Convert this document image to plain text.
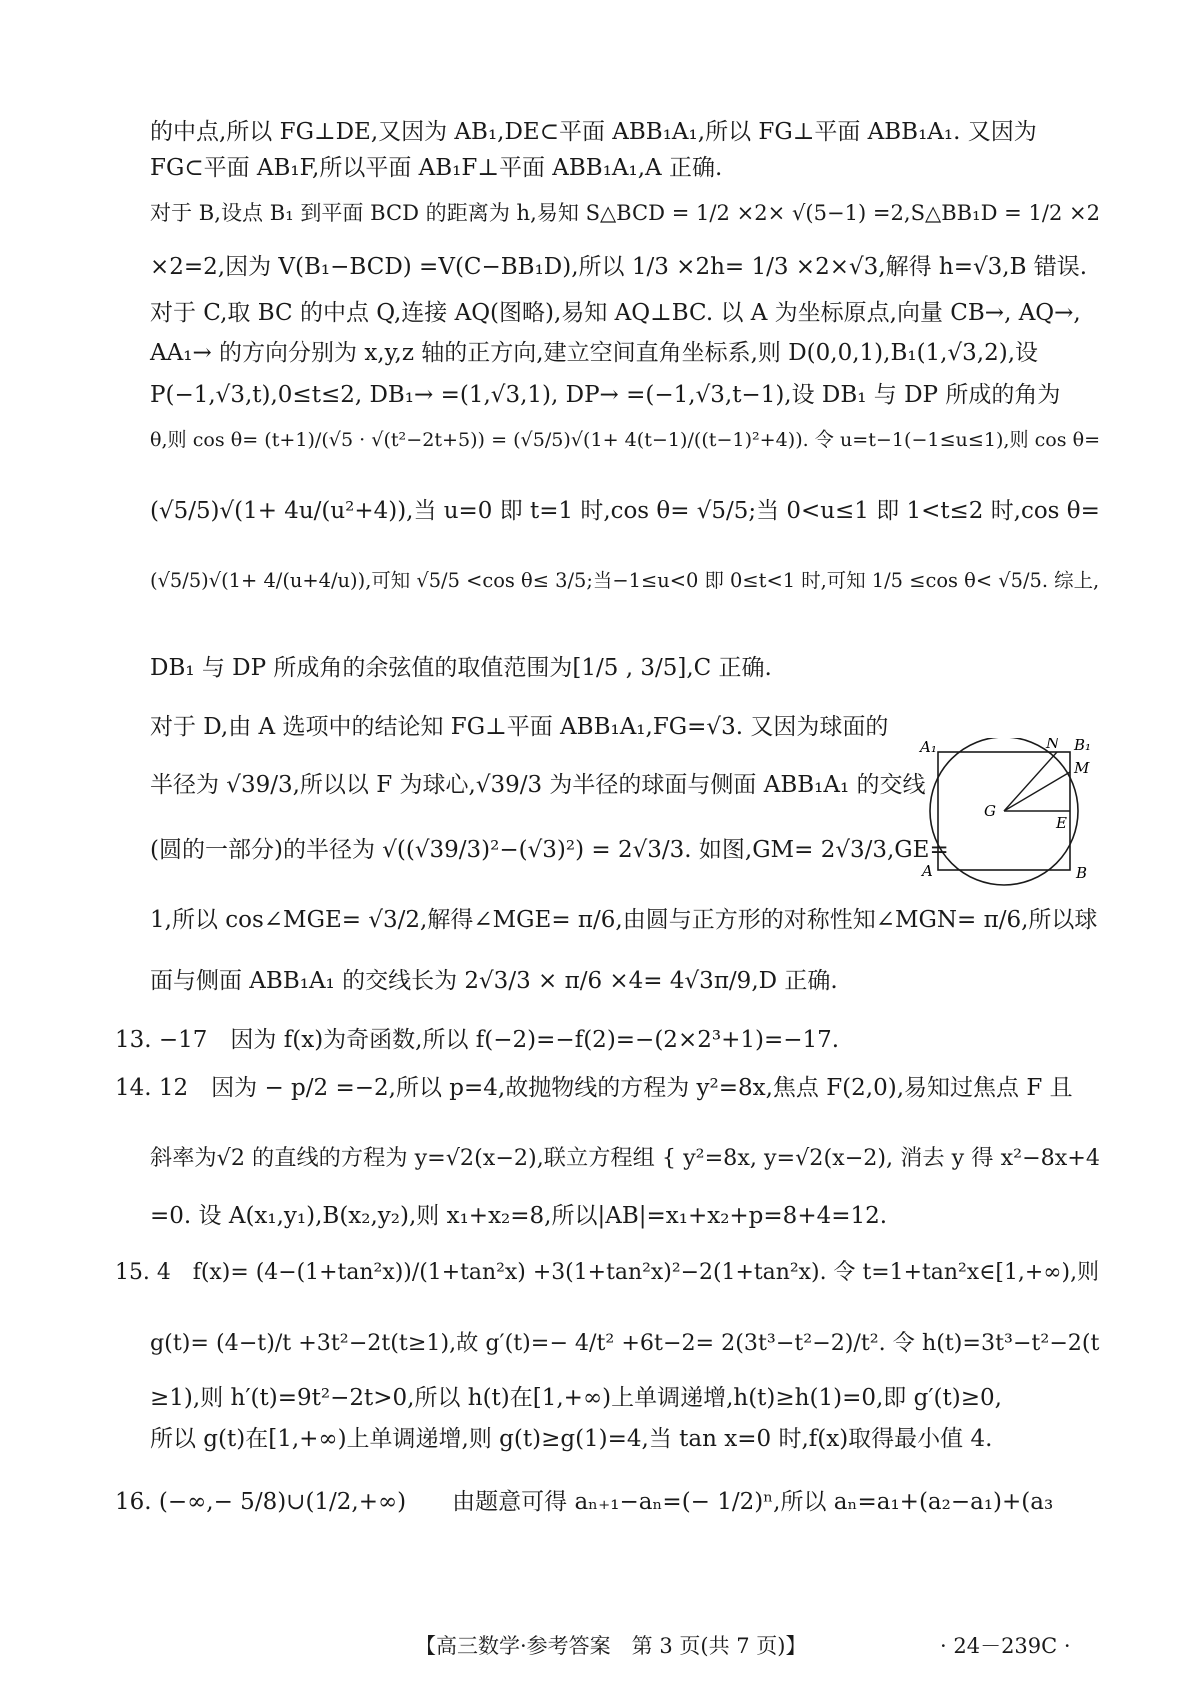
的中点,所以 FG⊥DE,又因为 AB₁,DE⊂平面 ABB₁A₁,所以 FG⊥平面 ABB₁A₁. 又因为
FG⊂平面 AB₁F,所以平面 AB₁F⊥平面 ABB₁A₁,A 正确.
对于 B,设点 B₁ 到平面 BCD 的距离为 h,易知 S△BCD = 1/2 ×2× √(5−1) =2,S△BB₁D = 1/2 ×2
×2=2,因为 V(B₁−BCD) =V(C−BB₁D),所以 1/3 ×2h= 1/3 ×2×√3,解得 h=√3,B 错误.
对于 C,取 BC 的中点 Q,连接 AQ(图略),易知 AQ⊥BC. 以 A 为坐标原点,向量 CB→, AQ→,
AA₁→ 的方向分别为 x,y,z 轴的正方向,建立空间直角坐标系,则 D(0,0,1),B₁(1,√3,2),设
P(−1,√3,t),0≤t≤2, DB₁→ =(1,√3,1), DP→ =(−1,√3,t−1),设 DB₁ 与 DP 所成的角为
θ,则 cos θ= (t+1)/(√5 · √(t²−2t+5)) = (√5/5)√(1+ 4(t−1)/((t−1)²+4)). 令 u=t−1(−1≤u≤1),则 cos θ=
(√5/5)√(1+ 4u/(u²+4)),当 u=0 即 t=1 时,cos θ= √5/5;当 0<u≤1 即 1<t≤2 时,cos θ=
(√5/5)√(1+ 4/(u+4/u)),可知 √5/5 <cos θ≤ 3/5;当−1≤u<0 即 0≤t<1 时,可知 1/5 ≤cos θ< √5/5. 综上,
DB₁ 与 DP 所成角的余弦值的取值范围为[1/5 , 3/5],C 正确.
对于 D,由 A 选项中的结论知 FG⊥平面 ABB₁A₁,FG=√3. 又因为球面的
半径为 √39/3,所以以 F 为球心,√39/3 为半径的球面与侧面 ABB₁A₁ 的交线
(圆的一部分)的半径为 √((√39/3)²−(√3)²) = 2√3/3. 如图,GM= 2√3/3,GE=
1,所以 cos∠MGE= √3/2,解得∠MGE= π/6,由圆与正方形的对称性知∠MGN= π/6,所以球
面与侧面 ABB₁A₁ 的交线长为 2√3/3 × π/6 ×4= 4√3π/9,D 正确.
A₁	N B₁
M
G
E
A	B
13. −17　因为 f(x)为奇函数,所以 f(−2)=−f(2)=−(2×2³+1)=−17.
14. 12　因为 − p/2 =−2,所以 p=4,故抛物线的方程为 y²=8x,焦点 F(2,0),易知过焦点 F 且
斜率为√2 的直线的方程为 y=√2(x−2),联立方程组 { y²=8x, y=√2(x−2), 消去 y 得 x²−8x+4
=0. 设 A(x₁,y₁),B(x₂,y₂),则 x₁+x₂=8,所以|AB|=x₁+x₂+p=8+4=12.
15. 4　f(x)= (4−(1+tan²x))/(1+tan²x) +3(1+tan²x)²−2(1+tan²x). 令 t=1+tan²x∈[1,+∞),则
g(t)= (4−t)/t +3t²−2t(t≥1),故 g′(t)=− 4/t² +6t−2= 2(3t³−t²−2)/t². 令 h(t)=3t³−t²−2(t
≥1),则 h′(t)=9t²−2t>0,所以 h(t)在[1,+∞)上单调递增,h(t)≥h(1)=0,即 g′(t)≥0,
所以 g(t)在[1,+∞)上单调递增,则 g(t)≥g(1)=4,当 tan x=0 时,f(x)取得最小值 4.
16. (−∞,− 5/8)∪(1/2,+∞)　　由题意可得 aₙ₊₁−aₙ=(− 1/2)ⁿ,所以 aₙ=a₁+(a₂−a₁)+(a₃
【高三数学·参考答案　第 3 页(共 7 页)】	· 24－239C ·
